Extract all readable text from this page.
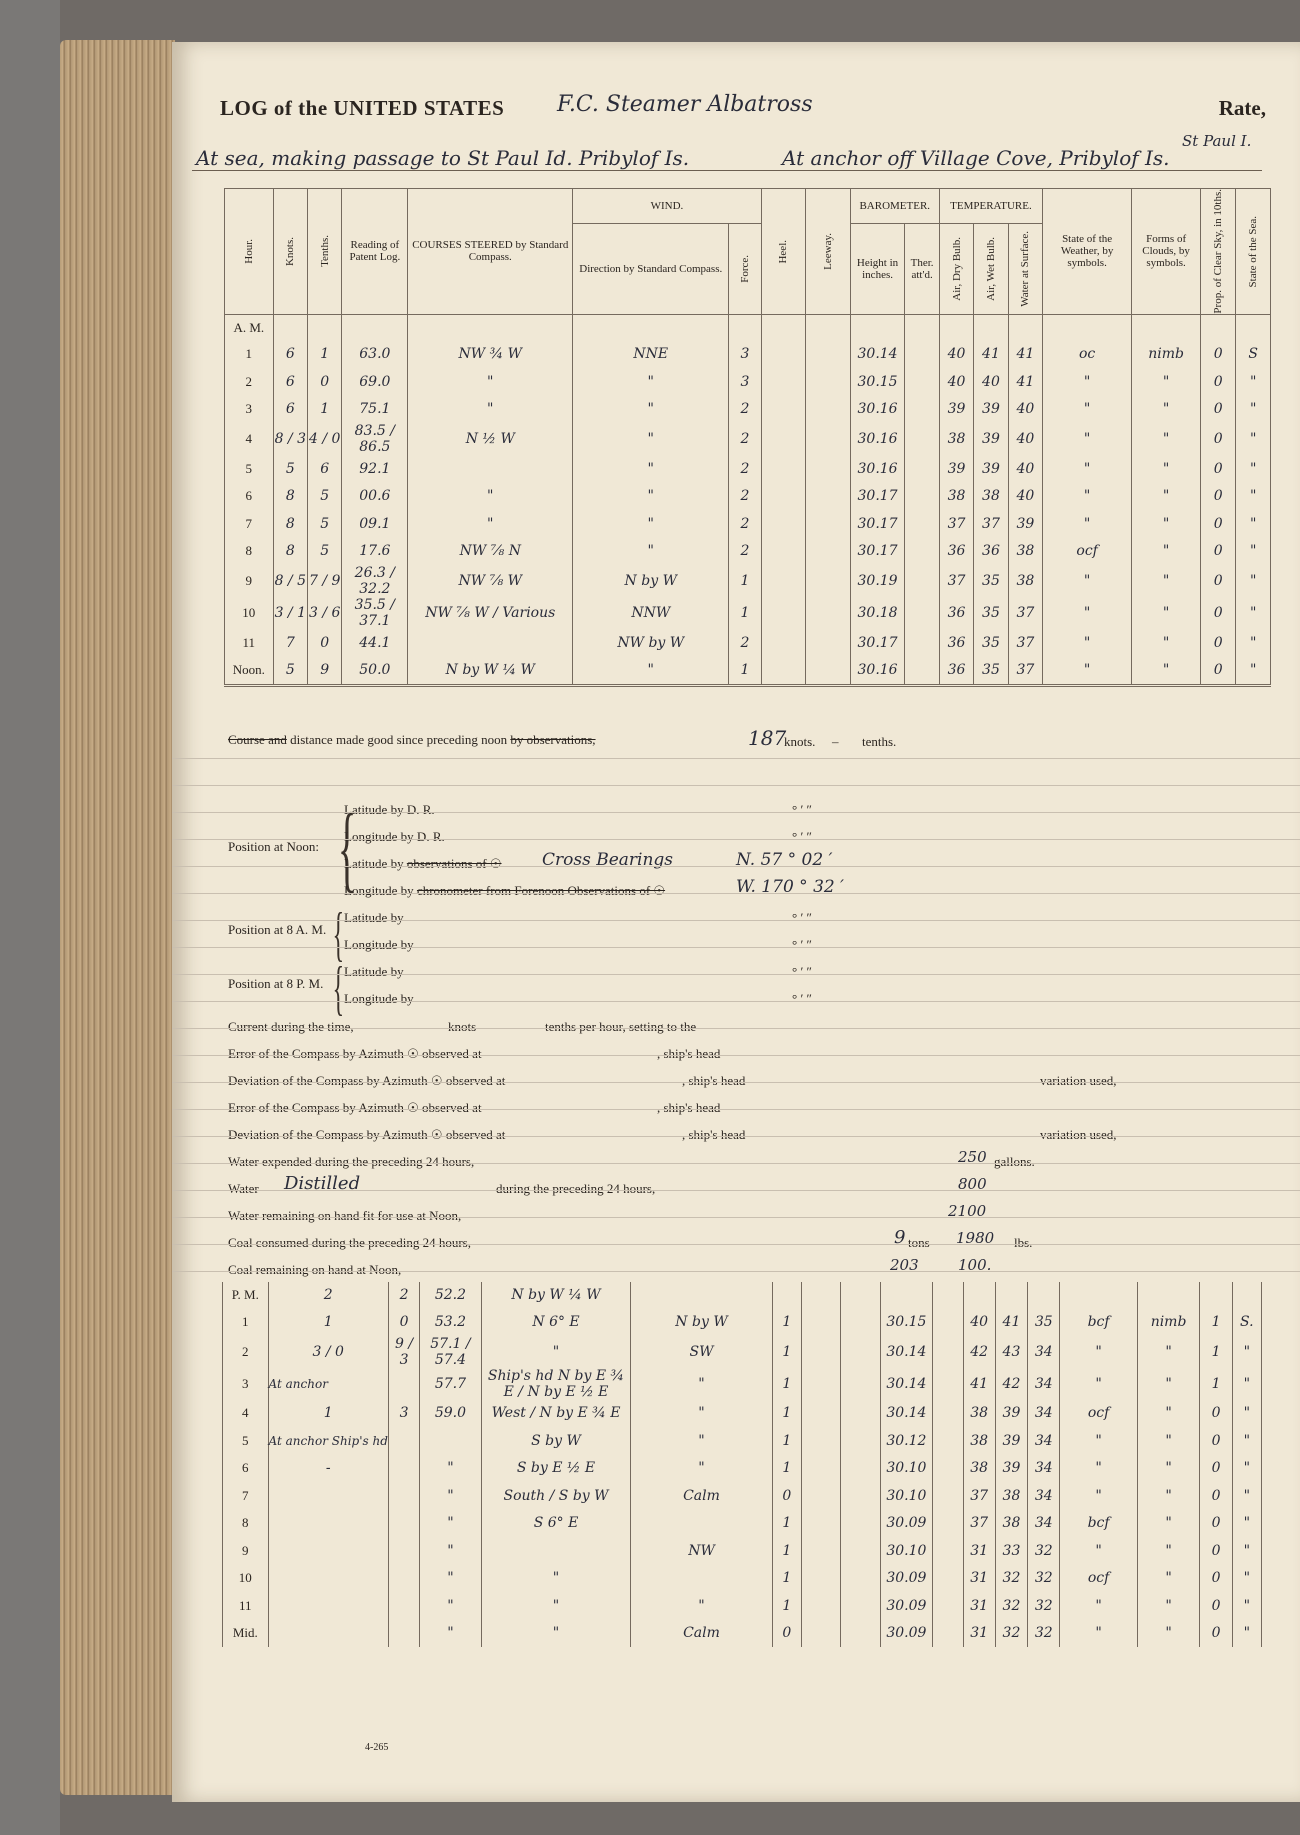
LOG of the UNITED STATES F.C. Steamer Albatross	Rate,
St Paul I.
At sea, making passage to St Paul Id. Pribylof Is.	At anchor off Village Cove, Pribylof Is.
Hour.	Knots.	Tenths.	Reading of Patent Log.	COURSES STEERED by Standard Compass.	WIND.		Heel.	Leeway.	BAROMETER.		TEMPERATURE.			State of the Weather, by symbols.	Forms of Clouds, by symbols.	Prop. of Clear Sky, in 10ths.	State of the Sea.

					Direction by Standard Compass.	Force.			Height in inches.	Ther. att'd.	Air, Dry Bulb.	Air, Wet Bulb.	Water at Surface.				

A. M.																	
1	6	1	63.0	NW ¾ W	NNE	3			30.14		40	41	41	oc	nimb	0	S
2	6	0	69.0	"	"	3			30.15		40	40	41	"	"	0	"
3	6	1	75.1	"	"	2			30.16		39	39	40	"	"	0	"
4	8 / 3	4 / 0	83.5 / 86.5	N ½ W	"	2			30.16		38	39	40	"	"	0	"
5	5	6	92.1		"	2			30.16		39	39	40	"	"	0	"
6	8	5	00.6	"	"	2			30.17		38	38	40	"	"	0	"
7	8	5	09.1	"	"	2			30.17		37	37	39	"	"	0	"
8	8	5	17.6	NW ⅞ N	"	2			30.17		36	36	38	ocf	"	0	"
9	8 / 5	7 / 9	26.3 / 32.2	NW ⅞ W	N by W	1			30.19		37	35	38	"	"	0	"
10	3 / 1	3 / 6	35.5 / 37.1	NW ⅞ W / Various	NNW	1			30.18		36	35	37	"	"	0	"
11	7	0	44.1		NW by W	2			30.17		36	35	37	"	"	0	"
Noon.	5	9	50.0	N by W ¼ W	"	1			30.16		36	35	37	"	"	0	"
Course and distance made good since preceding noon by observations,	187
knots. – tenths.
Position at Noon: {
Latitude by D. R.
Longitude by D. R.
Latitude by observations of ☉ Cross Bearings
Longitude by chronometer from Forenoon Observations of ☉
N. 57 ° 02 ′
W. 170 ° 32 ′
° ′ ″
° ′ ″
Position at 8 A. M. { Latitude by
Longitude by
° ′ ″
° ′ ″
Position at 8 P. M. { Latitude by
Longitude by
° ′ ″
° ′ ″
Current during the time,	knots	tenths per hour, setting to the
Error of the Compass by Azimuth ☉ observed at	, ship's head
Deviation of the Compass by Azimuth ☉ observed at	, ship's head	variation used,
Error of the Compass by Azimuth ☉ observed at	, ship's head
Deviation of the Compass by Azimuth ☉ observed at	, ship's head	variation used,
Water expended during the preceding 24 hours,	250 gallons.
Water Distilled	during the preceding 24 hours,	800
Water remaining on hand fit for use at Noon,	2100
Coal consumed during the preceding 24 hours,	9 tons 1980 lbs.
Coal remaining on hand at Noon,	203	100.
P. M.	2	2	52.2	N by W ¼ W													
1	1	0	53.2	N 6° E	N by W	1			30.15		40	41	35	bcf	nimb	1	S.
2	3 / 0	9 / 3	57.1 / 57.4	"	SW	1			30.14		42	43	34	"	"	1	"
3	At anchor		57.7	Ship's hd N by E ¾ E / N by E ½ E	"	1			30.14		41	42	34	"	"	1	"
4	1	3	59.0	West / N by E ¾ E	"	1			30.14		38	39	34	ocf	"	0	"
5	At anchor Ship's hd			S by W	"	1			30.12		38	39	34	"	"	0	"
6	-		"	S by E ½ E	"	1			30.10		38	39	34	"	"	0	"
7			"	South / S by W	Calm	0			30.10		37	38	34	"	"	0	"
8			"	S 6° E		1			30.09		37	38	34	bcf	"	0	"
9			"		NW	1			30.10		31	33	32	"	"	0	"
10			"	"		1			30.09		31	32	32	ocf	"	0	"
11			"	"	"	1			30.09		31	32	32	"	"	0	"
Mid.			"	"	Calm	0			30.09		31	32	32	"	"	0	"
4-265
